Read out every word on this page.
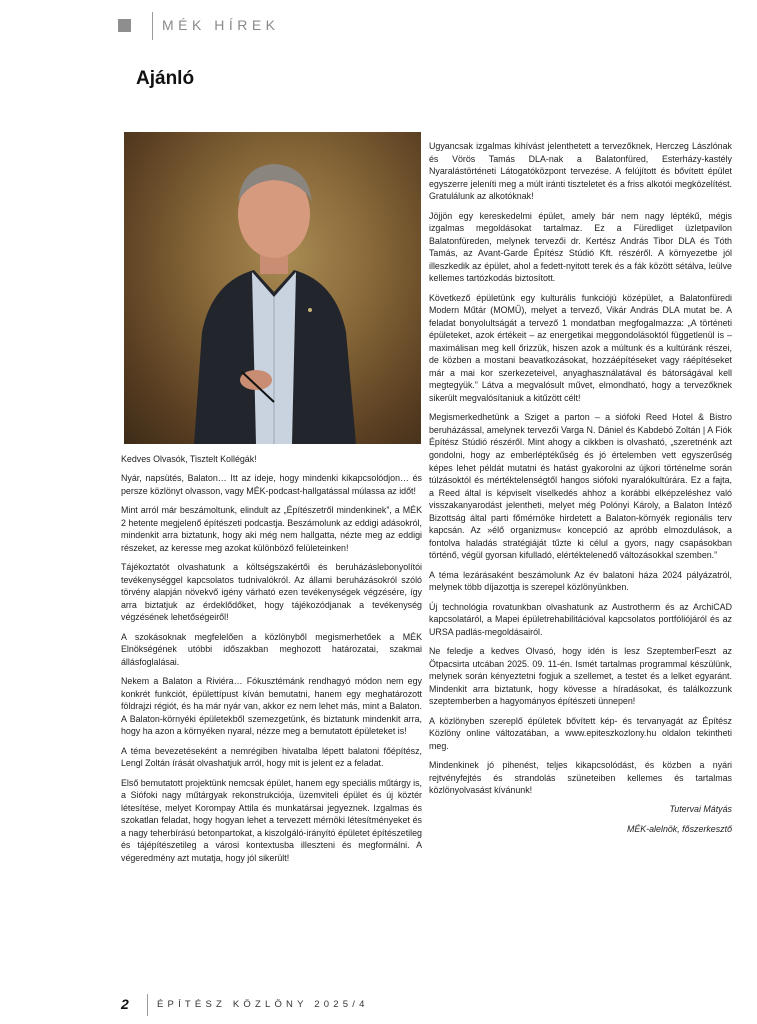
MÉK HÍREK
Ajánló

Kedves Olvasók, Tisztelt Kollégák!

Nyár, napsütés, Balaton… Itt az ideje, hogy mindenki kikapcsolódjon… és persze közlönyt olvasson, vagy MÉK-podcast-hallgatással múlassa az időt!

Mint arról már beszámoltunk, elindult az „Építészetről mindenkinek”, a MÉK 2 hetente megjelenő építészeti podcastja. Beszámolunk az eddigi adásokról, mindenkit arra biztatunk, hogy aki még nem hallgatta, nézte meg az eddigi részeket, az keresse meg azokat különböző felületeinken!

Tájékoztatót olvashatunk a költségszakértői és beruházáslebonyolítói tevékenységgel kapcsolatos tudnivalókról. Az állami beruházásokról szóló törvény alapján növekvő igény várható ezen tevékenységek végzésére, így arra biztatjuk az érdeklődőket, hogy tájékozódjanak a tevékenység végzésének lehetőségeiről!

A szokásoknak megfelelően a közlönyből megismerhetőek a MÉK Elnökségének utóbbi időszakban meghozott határozatai, szakmai állásfoglalásai.

Nekem a Balaton a Riviéra… Fókusztémánk rendhagyó módon nem egy konkrét funkciót, épülettípust kíván bemutatni, hanem egy meghatározott földrajzi régiót, és ha már nyár van, akkor ez nem lehet más, mint a Balaton. A Balaton-környéki épületekből szemezgetünk, és biztatunk mindenkit arra, hogy ha azon a környéken nyaral, nézze meg a bemutatott épületeket is!

A téma bevezetéseként a nemrégiben hivatalba lépett balatoni főépítész, Lengl Zoltán írását olvashatjuk arról, hogy mit is jelent ez a feladat.

Első bemutatott projektünk nemcsak épület, hanem egy speciális műtárgy is, a Siófoki nagy műtárgyak rekonstrukciója, üzemviteli épület és új köztér létesítése, melyet Korompay Attila és munkatársai jegyeznek. Izgalmas és szokatlan feladat, hogy hogyan lehet a tervezett mérnöki létesítményeket és a nagy teherbírású betonpartokat, a kiszolgáló-irányító épületet építészetileg és tájépítészetileg a városi kontextusba illeszteni és megformálni. A végeredmény azt mutatja, hogy jól sikerült!

Ugyancsak izgalmas kihívást jelenthetett a tervezőknek, Herczeg Lászlónak és Vörös Tamás DLA-nak a Balatonfüred, Esterházy-kastély Nyaralástörténeti Látogatóközpont tervezése. A felújított és bővített épület egyszerre jeleníti meg a múlt iránti tiszteletet és a friss alkotói megközelítést. Gratulálunk az alkotóknak!

Jöjjön egy kereskedelmi épület, amely bár nem nagy léptékű, mégis izgalmas megoldásokat tartalmaz. Ez a Füredliget üzletpavilon Balatonfüreden, melynek tervezői dr. Kertész András Tibor DLA és Tóth Tamás, az Avant-Garde Építész Stúdió Kft. részéről. A környezetbe jól illeszkedik az épület, ahol a fedett-nyitott terek és a fák között sétálva, leülve kellemes tartózkodás biztosított.

Következő épületünk egy kulturális funkciójú középület, a Balatonfüredi Modern Műtár (MOMŰ), melyet a tervező, Vikár András DLA mutat be. A feladat bonyolultságát a tervező 1 mondatban megfogalmazza: „A történeti épületeket, azok értékeit – az energetikai meggondolásoktól függetlenül is – maximálisan meg kell őrizzük, hiszen azok a múltunk és a kultúránk részei, de közben a mostani beavatkozásokat, hozzáépítéseket vagy ráépítéseket már a mai kor szerkezeteivel, anyaghasználatával és bátorságával kell megtegyük.” Látva a megvalósult művet, elmondható, hogy a tervezőknek sikerült megvalósítaniuk a kitűzött célt!

Megismerkedhetünk a Sziget a parton – a siófoki Reed Hotel & Bistro beruházással, amelynek tervezői Varga N. Dániel és Kabdebó Zoltán | A Fiók Építész Stúdió részéről. Mint ahogy a cikkben is olvasható, „szeretnénk azt gondolni, hogy az emberléptékűség és jó értelemben vett egyszerűség képes lehet példát mutatni és hatást gyakorolni az újkori történelme során túlzásoktól és mértéktelenségtől hangos siófoki nyaralókultúrára. Ez a fajta, a Reed által is képviselt viselkedés ahhoz a korábbi elképzeléshez való visszakanyarodást jelentheti, melyet még Polónyi Károly, a Balaton Intéző Bizottság által parti főmérnöke hirdetett a Balaton-környék regionális terv kapcsán. Az »élő organizmus« koncepció az apróbb elmozdulások, a fontolva haladás stratégiáját tűzte ki célul a gyors, nagy csapásokban történő, végül gyorsan kifulladó, elértéktelenedő változásokkal szemben.”

A téma lezárásaként beszámolunk Az év balatoni háza 2024 pályázatról, melynek több díjazottja is szerepel közlönyünkben.

Új technológia rovatunkban olvashatunk az Austrotherm és az ArchiCAD kapcsolatáról, a Mapei épületrehabilitációval kapcsolatos portfóliójáról és az URSA padlás-megoldásairól.

Ne feledje a kedves Olvasó, hogy idén is lesz SzeptemberFeszt az Ötpacsirta utcában 2025. 09. 11-én. Ismét tartalmas programmal készülünk, melynek során kényeztetni fogjuk a szellemet, a testet és a lelket egyaránt. Mindenkit arra biztatunk, hogy kövesse a híradásokat, és találkozzunk szeptemberben a hagyományos építészeti ünnepen!

A közlönyben szereplő épületek bővített kép- és tervanyagát az Építész Közlöny online változatában, a www.epiteszkozlony.hu oldalon tekintheti meg.

Mindenkinek jó pihenést, teljes kikapcsolódást, és közben a nyári rejtvényfejtés és strandolás szüneteiben kellemes és tartalmas közlönyolvasást kívánunk!

Tutervai Mátyás

MÉK-alelnök, főszerkesztő

2	ÉPÍTÉSZ KÖZLÖNY 2025/4
